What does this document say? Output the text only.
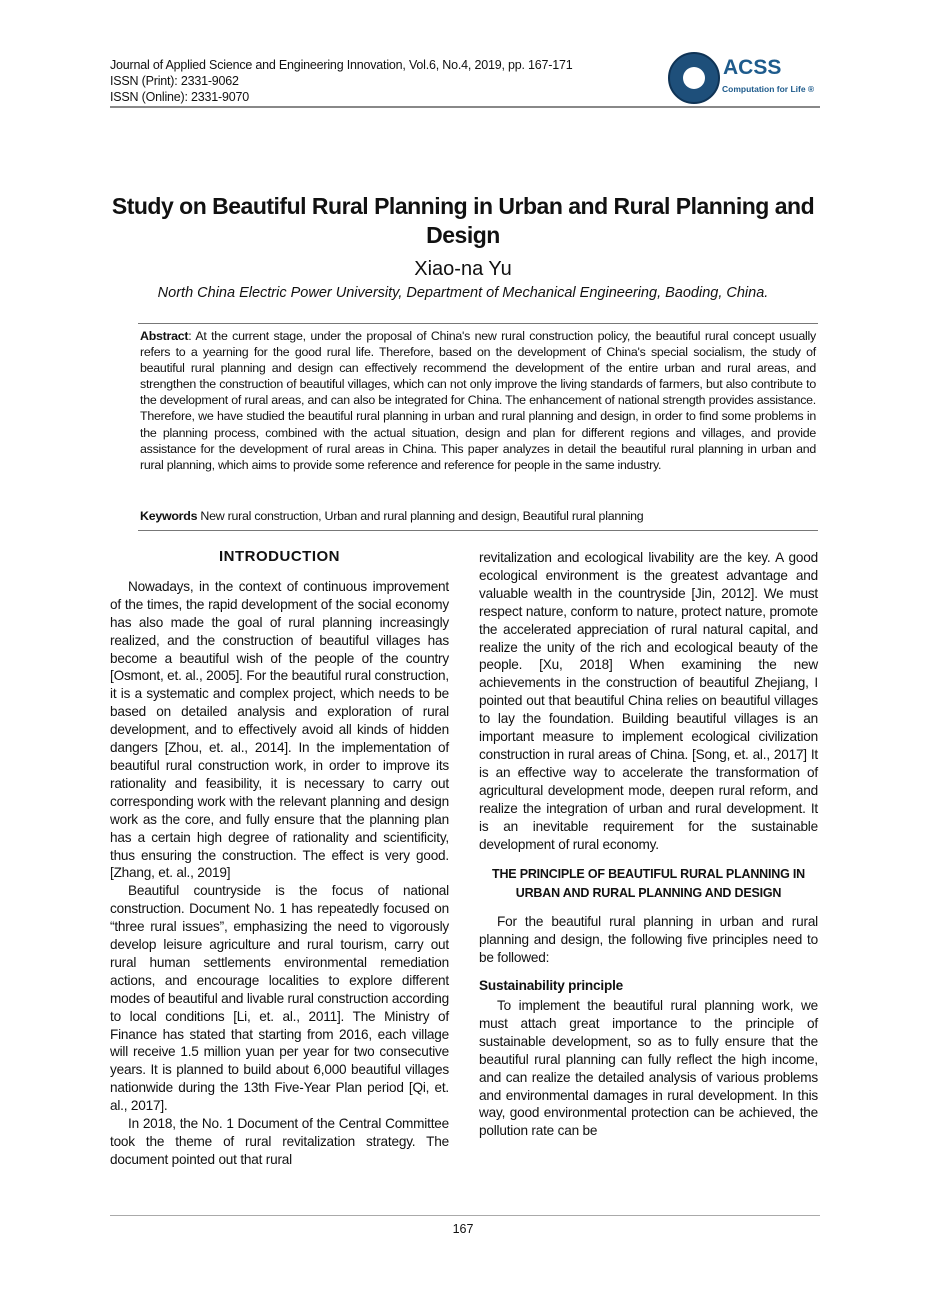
Journal of Applied Science and Engineering Innovation, Vol.6, No.4, 2019, pp. 167-171
ISSN (Print): 2331-9062
ISSN (Online): 2331-9070
ACSS
Computation for Life ®
Study on Beautiful Rural Planning in Urban and Rural Planning and Design
Xiao-na Yu
North China Electric Power University, Department of Mechanical Engineering, Baoding, China.
Abstract: At the current stage, under the proposal of China's new rural construction policy, the beautiful rural concept usually refers to a yearning for the good rural life. Therefore, based on the development of China's special socialism, the study of beautiful rural planning and design can effectively recommend the development of the entire urban and rural areas, and strengthen the construction of beautiful villages, which can not only improve the living standards of farmers, but also contribute to the development of rural areas, and can also be integrated for China. The enhancement of national strength provides assistance. Therefore, we have studied the beautiful rural planning in urban and rural planning and design, in order to find some problems in the planning process, combined with the actual situation, design and plan for different regions and villages, and provide assistance for the development of rural areas in China. This paper analyzes in detail the beautiful rural planning in urban and rural planning, which aims to provide some reference and reference for people in the same industry.
Keywords New rural construction, Urban and rural planning and design, Beautiful rural planning
INTRODUCTION

Nowadays, in the context of continuous improvement of the times, the rapid development of the social economy has also made the goal of rural planning increasingly realized, and the construction of beautiful villages has become a beautiful wish of the people of the country [Osmont, et. al., 2005]. For the beautiful rural construction, it is a systematic and complex project, which needs to be based on detailed analysis and exploration of rural development, and to effectively avoid all kinds of hidden dangers [Zhou, et. al., 2014]. In the implementation of beautiful rural construction work, in order to improve its rationality and feasibility, it is necessary to carry out corresponding work with the relevant planning and design work as the core, and fully ensure that the planning plan has a certain high degree of rationality and scientificity, thus ensuring the construction. The effect is very good.[Zhang, et. al., 2019]

Beautiful countryside is the focus of national construction. Document No. 1 has repeatedly focused on “three rural issues”, emphasizing the need to vigorously develop leisure agriculture and rural tourism, carry out rural human settlements environmental remediation actions, and encourage localities to explore different modes of beautiful and livable rural construction according to local conditions [Li, et. al., 2011]. The Ministry of Finance has stated that starting from 2016, each village will receive 1.5 million yuan per year for two consecutive years. It is planned to build about 6,000 beautiful villages nationwide during the 13th Five-Year Plan period [Qi, et. al., 2017].

In 2018, the No. 1 Document of the Central Committee took the theme of rural revitalization strategy. The document pointed out that rural

revitalization and ecological livability are the key. A good ecological environment is the greatest advantage and valuable wealth in the countryside [Jin, 2012]. We must respect nature, conform to nature, protect nature, promote the accelerated appreciation of rural natural capital, and realize the unity of the rich and ecological beauty of the people. [Xu, 2018] When examining the new achievements in the construction of beautiful Zhejiang, I pointed out that beautiful China relies on beautiful villages to lay the foundation. Building beautiful villages is an important measure to implement ecological civilization construction in rural areas of China. [Song, et. al., 2017] It is an effective way to accelerate the transformation of agricultural development mode, deepen rural reform, and realize the integration of urban and rural development. It is an inevitable requirement for the sustainable development of rural economy.

THE PRINCIPLE OF BEAUTIFUL RURAL PLANNING IN URBAN AND RURAL PLANNING AND DESIGN

For the beautiful rural planning in urban and rural planning and design, the following five principles need to be followed:

Sustainability principle

To implement the beautiful rural planning work, we must attach great importance to the principle of sustainable development, so as to fully ensure that the beautiful rural planning can fully reflect the high income, and can realize the detailed analysis of various problems and environmental damages in rural development. In this way, good environmental protection can be achieved, the pollution rate can be

167
